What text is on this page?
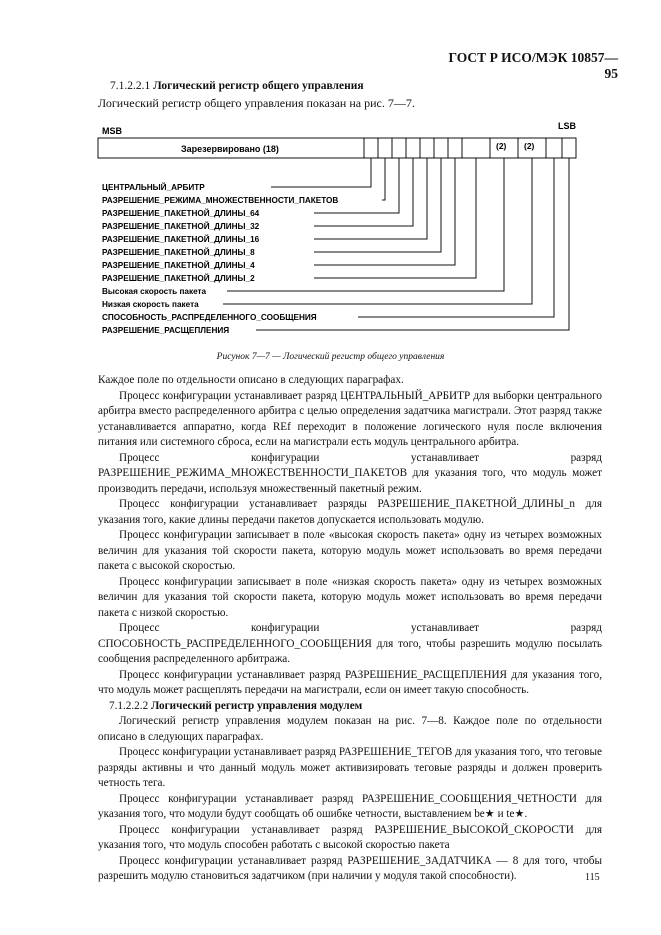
ГОСТ Р ИСО/МЭК 10857—95
7.1.2.2.1 Логический регистр общего управления
Логический регистр общего управления показан на рис. 7—7.
MSB	LSB
Зарезервировано (18)	(2) (2)
ЦЕНТРАЛЬНЫЙ_АРБИТР
РАЗРЕШЕНИЕ_РЕЖИМА_МНОЖЕСТВЕННОСТИ_ПАКЕТОВ
РАЗРЕШЕНИЕ_ПАКЕТНОЙ_ДЛИНЫ_64
РАЗРЕШЕНИЕ_ПАКЕТНОЙ_ДЛИНЫ_32
РАЗРЕШЕНИЕ_ПАКЕТНОЙ_ДЛИНЫ_16
РАЗРЕШЕНИЕ_ПАКЕТНОЙ_ДЛИНЫ_8
РАЗРЕШЕНИЕ_ПАКЕТНОЙ_ДЛИНЫ_4
РАЗРЕШЕНИЕ_ПАКЕТНОЙ_ДЛИНЫ_2
Высокая скорость пакета
Низкая скорость пакета
СПОСОБНОСТЬ_РАСПРЕДЕЛЕННОГО_СООБЩЕНИЯ
РАЗРЕШЕНИЕ_РАСЩЕПЛЕНИЯ
Рисунок 7—7 — Логический регистр общего управления

Каждое поле по отдельности описано в следующих параграфах.

Процесс конфигурации устанавливает разряд ЦЕНТРАЛЬНЫЙ_АРБИТР для выборки центрального арбитра вместо распределенного арбитра с целью определения задатчика магистрали. Этот разряд также устанавливается аппаратно, когда REf переходит в положение логического нуля после включения питания или системного сброса, если на магистрали есть модуль центрального арбитра.

Процесс конфигурации устанавливает разряд РАЗРЕШЕНИЕ_РЕЖИМА_МНОЖЕСТВЕННОСТИ_ПАКЕТОВ для указания того, что модуль может производить передачи, используя множественный пакетный режим.

Процесс конфигурации устанавливает разряды РАЗРЕШЕНИЕ_ПАКЕТНОЙ_ДЛИНЫ_n для указания того, какие длины передачи пакетов допускается использовать модулю.

Процесс конфигурации записывает в поле «высокая скорость пакета» одну из четырех возможных величин для указания той скорости пакета, которую модуль может использовать во время передачи пакета с высокой скоростью.

Процесс конфигурации записывает в поле «низкая скорость пакета» одну из четырех возможных величин для указания той скорости пакета, которую модуль может использовать во время передачи пакета с низкой скоростью.

Процесс конфигурации устанавливает разряд СПОСОБНОСТЬ_РАСПРЕДЕЛЕННОГО_СООБЩЕНИЯ для того, чтобы разрешить модулю посылать сообщения распределенного арбитража.

Процесс конфигурации устанавливает разряд РАЗРЕШЕНИЕ_РАСЩЕПЛЕНИЯ для указания того, что модуль может расщеплять передачи на магистрали, если он имеет такую способность.

7.1.2.2.2 Логический регистр управления модулем

Логический регистр управления модулем показан на рис. 7—8. Каждое поле по отдельности описано в следующих параграфах.

Процесс конфигурации устанавливает разряд РАЗРЕШЕНИЕ_ТЕГОВ для указания того, что теговые разряды активны и что данный модуль может активизировать теговые разряды и должен проверить четность тега.

Процесс конфигурации устанавливает разряд РАЗРЕШЕНИЕ_СООБЩЕНИЯ_ЧЕТНОСТИ для указания того, что модули будут сообщать об ошибке четности, выставлением be★ и te★.

Процесс конфигурации устанавливает разряд РАЗРЕШЕНИЕ_ВЫСОКОЙ_СКОРОСТИ для указания того, что модуль способен работать с высокой скоростью пакета

Процесс конфигурации устанавливает разряд РАЗРЕШЕНИЕ_ЗАДАТЧИКА — 8 для того, чтобы разрешить модулю становиться задатчиком (при наличии у модуля такой способности).	115
